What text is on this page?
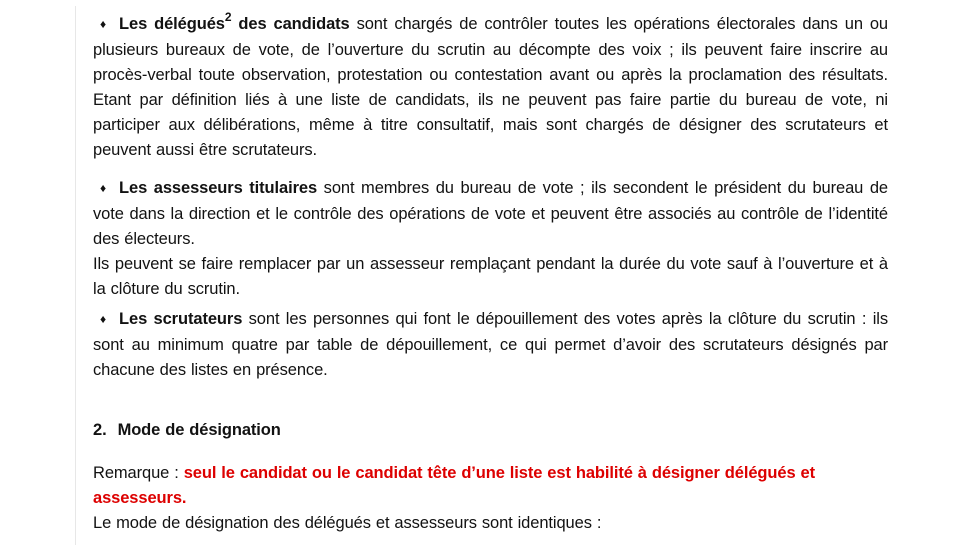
♦ Les délégués$^2$ des candidats sont chargés de contrôler toutes les opérations électorales dans un ou plusieurs bureaux de vote, de l’ouverture du scrutin au décompte des voix ; ils peuvent faire inscrire au procès-verbal toute observation, protestation ou contestation avant ou après la proclamation des résultats. Etant par définition liés à une liste de candidats, ils ne peuvent pas faire partie du bureau de vote, ni participer aux délibérations, même à titre consultatif, mais sont chargés de désigner des scrutateurs et peuvent aussi être scrutateurs.

♦ Les assesseurs titulaires sont membres du bureau de vote ; ils secondent le président du bureau de vote dans la direction et le contrôle des opérations de vote et peuvent être associés au contrôle de l’identité des électeurs.

Ils peuvent se faire remplacer par un assesseur remplaçant pendant la durée du vote sauf à l’ouverture et à la clôture du scrutin.

♦ Les scrutateurs sont les personnes qui font le dépouillement des votes après la clôture du scrutin : ils sont au minimum quatre par table de dépouillement, ce qui permet d’avoir des scrutateurs désignés par chacune des listes en présence.

2. Mode de désignation

Remarque : seul le candidat ou le candidat tête d’une liste est habilité à désigner délégués et assesseurs.

Le mode de désignation des délégués et assesseurs sont identiques :
